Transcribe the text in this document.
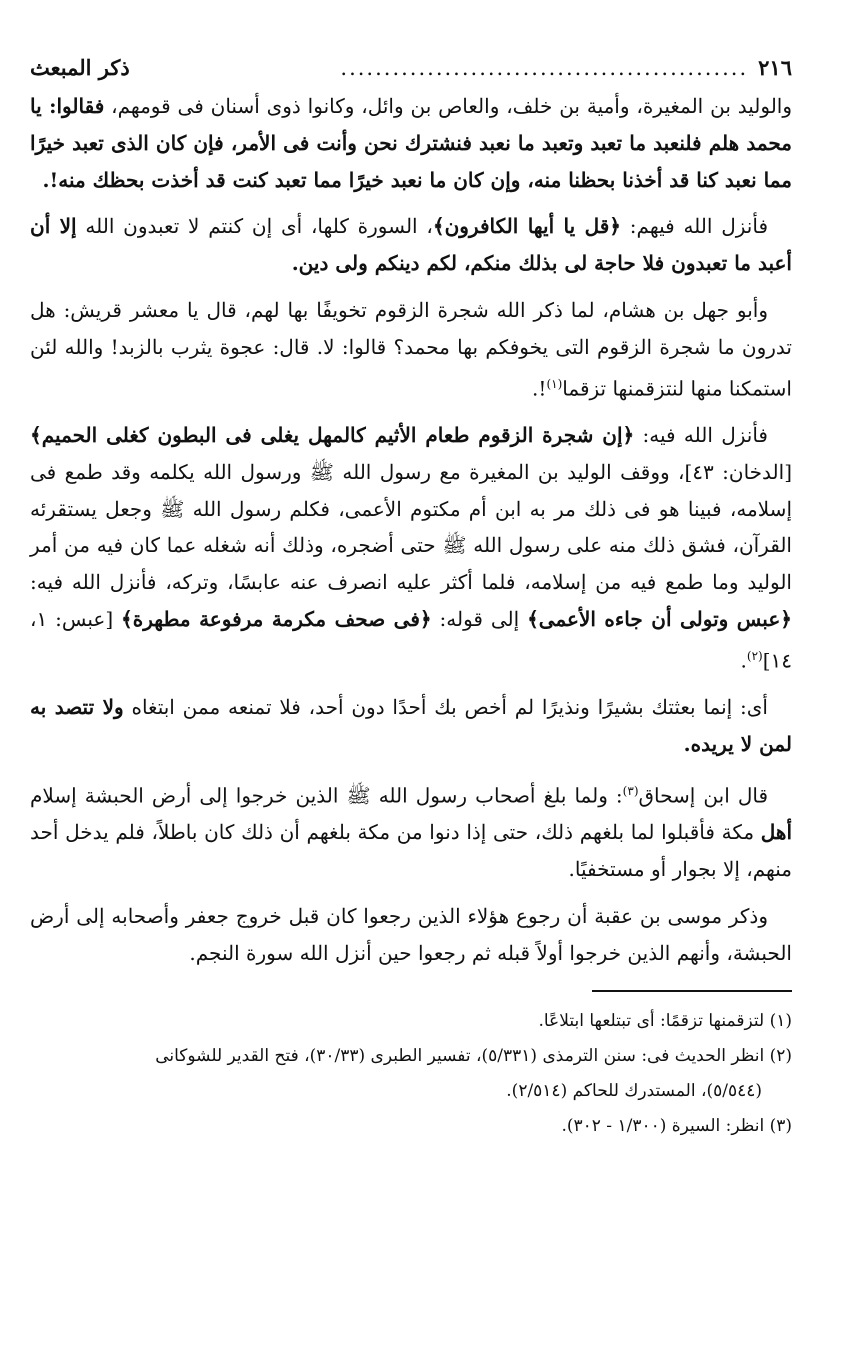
٢١٦
...............................................
ذكر المبعث

والوليد بن المغيرة، وأمية بن خلف، والعاص بن وائل، وكانوا ذوى أسنان فى قومهم، فقالوا: يا محمد هلم فلنعبد ما تعبد وتعبد ما نعبد فنشترك نحن وأنت فى الأمر، فإن كان الذى تعبد خيرًا مما نعبد كنا قد أخذنا بحظنا منه، وإن كان ما نعبد خيرًا مما تعبد كنت قد أخذت بحظك منه!.

فأنزل الله فيهم: ﴿قل يا أيها الكافرون﴾، السورة كلها، أى إن كنتم لا تعبدون الله إلا أن أعبد ما تعبدون فلا حاجة لى بذلك منكم، لكم دينكم ولى دين.

وأبو جهل بن هشام، لما ذكر الله شجرة الزقوم تخويفًا بها لهم، قال يا معشر قريش: هل تدرون ما شجرة الزقوم التى يخوفكم بها محمد؟ قالوا: لا. قال: عجوة يثرب بالزبد! والله لئن استمكنا منها لنتزقمنها تزقما$^{(١)}$!.

فأنزل الله فيه: ﴿إن شجرة الزقوم طعام الأثيم كالمهل يغلى فى البطون كغلى الحميم﴾ [الدخان: ٤٣]، ووقف الوليد بن المغيرة مع رسول الله ﷺ ورسول الله يكلمه وقد طمع فى إسلامه، فبينا هو فى ذلك مر به ابن أم مكتوم الأعمى، فكلم رسول الله ﷺ وجعل يستقرئه القرآن، فشق ذلك منه على رسول الله ﷺ حتى أضجره، وذلك أنه شغله عما كان فيه من أمر الوليد وما طمع فيه من إسلامه، فلما أكثر عليه انصرف عنه عابسًا، وتركه، فأنزل الله فيه: ﴿عبس وتولى أن جاءه الأعمى﴾ إلى قوله: ﴿فى صحف مكرمة مرفوعة مطهرة﴾ [عبس: ١، ١٤]$^{(٢)}$.

أى: إنما بعثتك بشيرًا ونذيرًا لم أخص بك أحدًا دون أحد، فلا تمنعه ممن ابتغاه ولا تتصد به لمن لا يريده.

قال ابن إسحاق$^{(٣)}$: ولما بلغ أصحاب رسول الله ﷺ الذين خرجوا إلى أرض الحبشة إسلام أهل مكة فأقبلوا لما بلغهم ذلك، حتى إذا دنوا من مكة بلغهم أن ذلك كان باطلاً، فلم يدخل أحد منهم، إلا بجوار أو مستخفيًا.

وذكر موسى بن عقبة أن رجوع هؤلاء الذين رجعوا كان قبل خروج جعفر وأصحابه إلى أرض الحبشة، وأنهم الذين خرجوا أولاً قبله ثم رجعوا حين أنزل الله سورة النجم.

(١) لتزقمنها تزقمًا: أى تبتلعها ابتلاعًا.

(٢) انظر الحديث فى: سنن الترمذى (٥/٣٣١)، تفسير الطبرى (٣٠/٣٣)، فتح القدير للشوكانى

(٥/٥٤٤)، المستدرك للحاكم (٢/٥١٤).

(٣) انظر: السيرة (١/٣٠٠ - ٣٠٢).
